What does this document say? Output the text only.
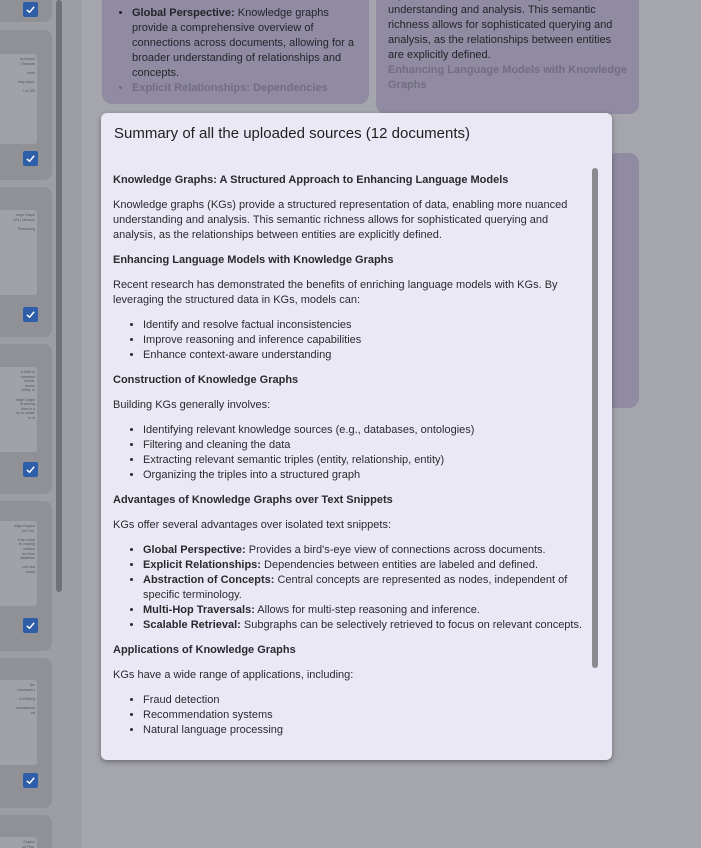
d) Neural
) Towards

work

ning steps.

l of 100
edge Graph
024 | Medium

Reasoning
e field of
epresent
format,
recent
ctivity. In

edge Graph
nt among
fiers in a
sk to create
re of
edge Graphs
nd Tree,

d as a vital
ts, making
onships
ies from
database

uch fast
exical
the
interfaces |

d of Neo4j

nversational
ed
Graphs
nd Tree,
• Global Perspective: Knowledge graphs provide a comprehensive overview of connections across documents, allowing for a broader understanding of relationships and concepts.
• Explicit Relationships: Dependencies
understanding and analysis. This semantic richness allows for sophisticated querying and analysis, as the relationships between entities are explicitly defined.
Enhancing Language Models with Knowledge Graphs
Summary of all the uploaded sources (12 documents)
Knowledge Graphs: A Structured Approach to Enhancing Language Models

Knowledge graphs (KGs) provide a structured representation of data, enabling more nuanced understanding and analysis. This semantic richness allows for sophisticated querying and analysis, as the relationships between entities are explicitly defined.

Enhancing Language Models with Knowledge Graphs

Recent research has demonstrated the benefits of enriching language models with KGs. By leveraging the structured data in KGs, models can:

• Identify and resolve factual inconsistencies
• Improve reasoning and inference capabilities
• Enhance context-aware understanding
Construction of Knowledge Graphs

Building KGs generally involves:

• Identifying relevant knowledge sources (e.g., databases, ontologies)
• Filtering and cleaning the data
• Extracting relevant semantic triples (entity, relationship, entity)
• Organizing the triples into a structured graph
Advantages of Knowledge Graphs over Text Snippets

KGs offer several advantages over isolated text snippets:

• Global Perspective: Provides a bird's-eye view of connections across documents.
• Explicit Relationships: Dependencies between entities are labeled and defined.
• Abstraction of Concepts: Central concepts are represented as nodes, independent of specific terminology.
• Multi-Hop Traversals: Allows for multi-step reasoning and inference.
• Scalable Retrieval: Subgraphs can be selectively retrieved to focus on relevant concepts.
Applications of Knowledge Graphs

KGs have a wide range of applications, including:

• Fraud detection
• Recommendation systems
• Natural language processing
